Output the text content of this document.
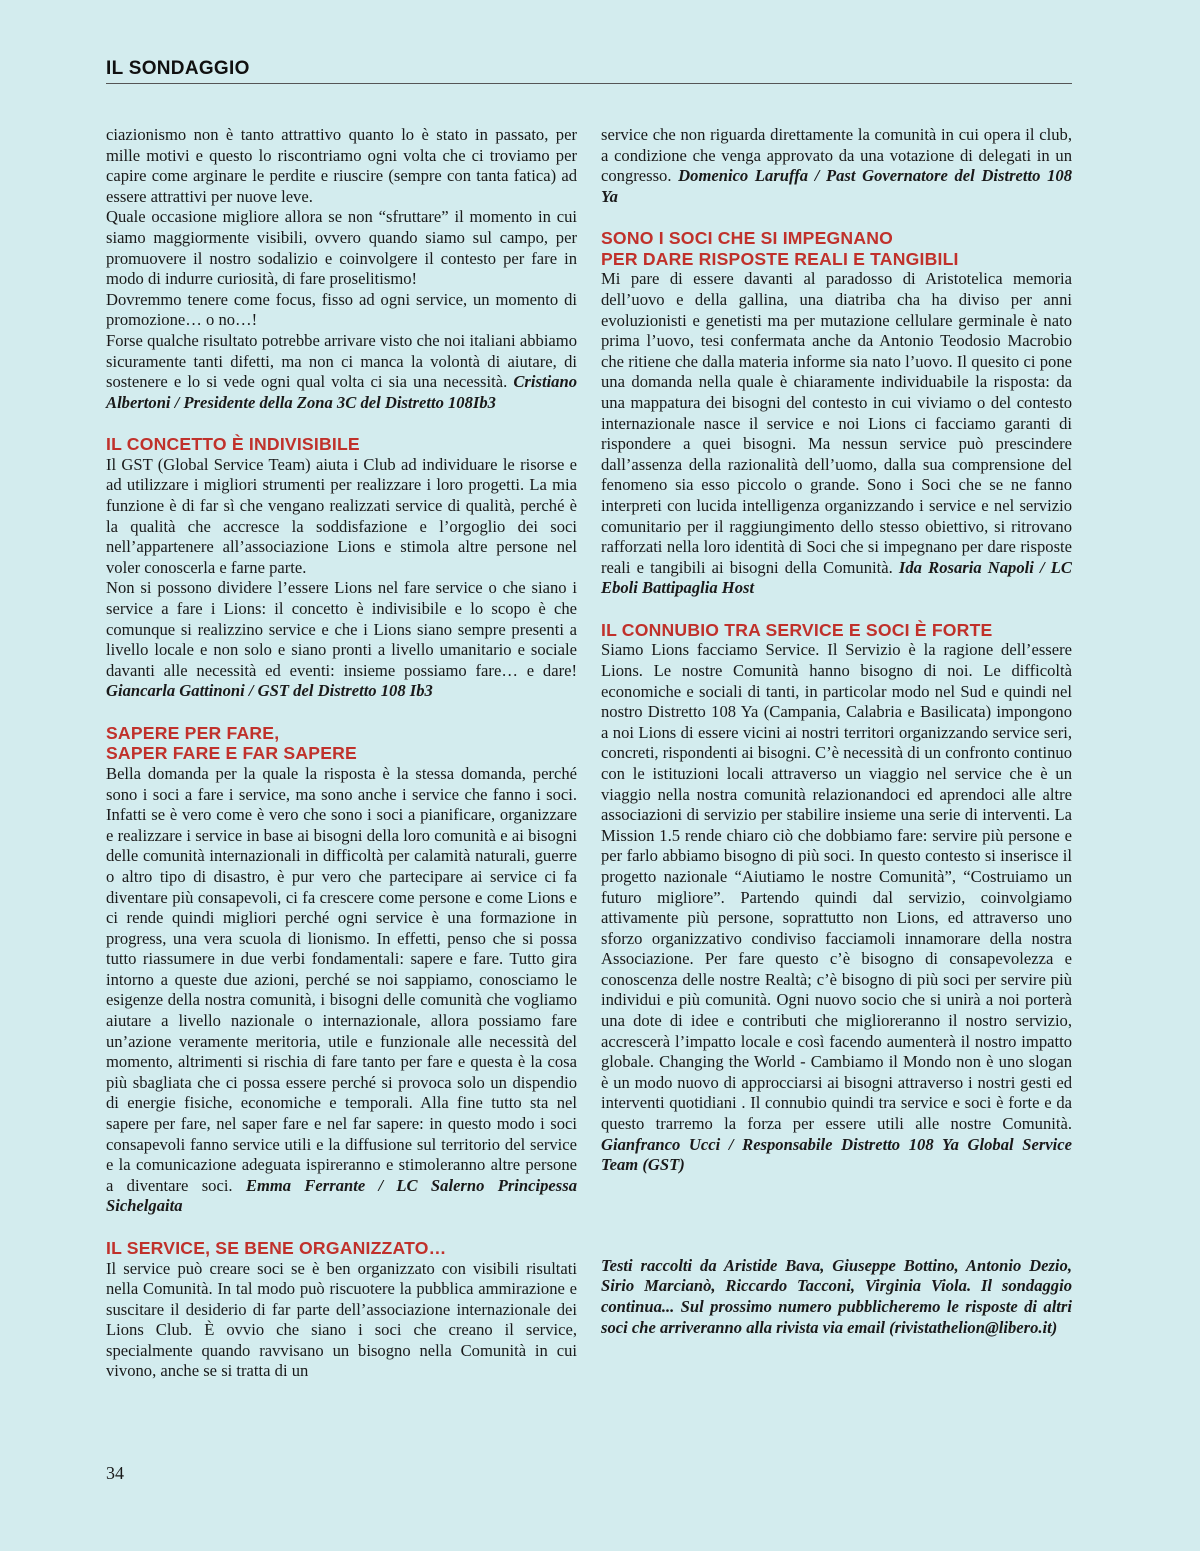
IL SONDAGGIO

ciazionismo non è tanto attrattivo quanto lo è stato in passato, per mille motivi e questo lo riscontriamo ogni volta che ci troviamo per capire come arginare le perdite e riuscire (sempre con tanta fatica) ad essere attrattivi per nuove leve.

Quale occasione migliore allora se non “sfruttare” il momento in cui siamo maggiormente visibili, ovvero quando siamo sul campo, per promuovere il nostro sodalizio e coinvolgere il contesto per fare in modo di indurre curiosità, di fare proselitismo!

Dovremmo tenere come focus, fisso ad ogni service, un momento di promozione… o no…!

Forse qualche risultato potrebbe arrivare visto che noi italiani abbiamo sicuramente tanti difetti, ma non ci manca la volontà di aiutare, di sostenere e lo si vede ogni qual volta ci sia una necessità. Cristiano Albertoni / Presidente della Zona 3C del Distretto 108Ib3

IL CONCETTO È INDIVISIBILE

Il GST (Global Service Team) aiuta i Club ad individuare le risorse e ad utilizzare i migliori strumenti per realizzare i loro progetti. La mia funzione è di far sì che vengano realizzati service di qualità, perché è la qualità che accresce la soddisfazione e l’orgoglio dei soci nell’appartenere all’associazione Lions e stimola altre persone nel voler conoscerla e farne parte.

Non si possono dividere l’essere Lions nel fare service o che siano i service a fare i Lions: il concetto è indivisibile e lo scopo è che comunque si realizzino service e che i Lions siano sempre presenti a livello locale e non solo e siano pronti a livello umanitario e sociale davanti alle necessità ed eventi: insieme possiamo fare… e dare! Giancarla Gattinoni / GST del Distretto 108 Ib3

SAPERE PER FARE,
SAPER FARE E FAR SAPERE

Bella domanda per la quale la risposta è la stessa domanda, perché sono i soci a fare i service, ma sono anche i service che fanno i soci. Infatti se è vero come è vero che sono i soci a pianificare, organizzare e realizzare i service in base ai bisogni della loro comunità e ai bisogni delle comunità internazionali in difficoltà per calamità naturali, guerre o altro tipo di disastro, è pur vero che partecipare ai service ci fa diventare più consapevoli, ci fa crescere come persone e come Lions e ci rende quindi migliori perché ogni service è una formazione in progress, una vera scuola di lionismo. In effetti, penso che si possa tutto riassumere in due verbi fondamentali: sapere e fare. Tutto gira intorno a queste due azioni, perché se noi sappiamo, conosciamo le esigenze della nostra comunità, i bisogni delle comunità che vogliamo aiutare a livello nazionale o internazionale, allora possiamo fare un’azione veramente meritoria, utile e funzionale alle necessità del momento, altrimenti si rischia di fare tanto per fare e questa è la cosa più sbagliata che ci possa essere perché si provoca solo un dispendio di energie fisiche, economiche e temporali. Alla fine tutto sta nel sapere per fare, nel saper fare e nel far sapere: in questo modo i soci consapevoli fanno service utili e la diffusione sul territorio del service e la comunicazione adeguata ispireranno e stimoleranno altre persone a diventare soci. Emma Ferrante / LC Salerno Principessa Sichelgaita

IL SERVICE, SE BENE ORGANIZZATO…

Il service può creare soci se è ben organizzato con visibili risultati nella Comunità. In tal modo può riscuotere la pubblica ammirazione e suscitare il desiderio di far parte dell’associazione internazionale dei Lions Club. È ovvio che siano i soci che creano il service, specialmente quando ravvisano un bisogno nella Comunità in cui vivono, anche se si tratta di un

service che non riguarda direttamente la comunità in cui opera il club, a condizione che venga approvato da una votazione di delegati in un congresso. Domenico Laruffa / Past Governatore del Distretto 108 Ya

SONO I SOCI CHE SI IMPEGNANO
PER DARE RISPOSTE REALI E TANGIBILI

Mi pare di essere davanti al paradosso di Aristotelica memoria dell’uovo e della gallina, una diatriba cha ha diviso per anni evoluzionisti e genetisti ma per mutazione cellulare germinale è nato prima l’uovo, tesi confermata anche da Antonio Teodosio Macrobio che ritiene che dalla materia informe sia nato l’uovo. Il quesito ci pone una domanda nella quale è chiaramente individuabile la risposta: da una mappatura dei bisogni del contesto in cui viviamo o del contesto internazionale nasce il service e noi Lions ci facciamo garanti di rispondere a quei bisogni. Ma nessun service può prescindere dall’assenza della razionalità dell’uomo, dalla sua comprensione del fenomeno sia esso piccolo o grande. Sono i Soci che se ne fanno interpreti con lucida intelligenza organizzando i service e nel servizio comunitario per il raggiungimento dello stesso obiettivo, si ritrovano rafforzati nella loro identità di Soci che si impegnano per dare risposte reali e tangibili ai bisogni della Comunità. Ida Rosaria Napoli / LC Eboli Battipaglia Host

IL CONNUBIO TRA SERVICE E SOCI È FORTE

Siamo Lions facciamo Service. Il Servizio è la ragione dell’essere Lions. Le nostre Comunità hanno bisogno di noi. Le difficoltà economiche e sociali di tanti, in particolar modo nel Sud e quindi nel nostro Distretto 108 Ya (Campania, Calabria e Basilicata) impongono a noi Lions di essere vicini ai nostri territori organizzando service seri, concreti, rispondenti ai bisogni. C’è necessità di un confronto continuo con le istituzioni locali attraverso un viaggio nel service che è un viaggio nella nostra comunità relazionandoci ed aprendoci alle altre associazioni di servizio per stabilire insieme una serie di interventi. La Mission 1.5 rende chiaro ciò che dobbiamo fare: servire più persone e per farlo abbiamo bisogno di più soci. In questo contesto si inserisce il progetto nazionale “Aiutiamo le nostre Comunità”, “Costruiamo un futuro migliore”. Partendo quindi dal servizio, coinvolgiamo attivamente più persone, soprattutto non Lions, ed attraverso uno sforzo organizzativo condiviso facciamoli innamorare della nostra Associazione. Per fare questo c’è bisogno di consapevolezza e conoscenza delle nostre Realtà; c’è bisogno di più soci per servire più individui e più comunità. Ogni nuovo socio che si unirà a noi porterà una dote di idee e contributi che miglioreranno il nostro servizio, accrescerà l’impatto locale e così facendo aumenterà il nostro impatto globale. Changing the World - Cambiamo il Mondo non è uno slogan è un modo nuovo di approcciarsi ai bisogni attraverso i nostri gesti ed interventi quotidiani . Il connubio quindi tra service e soci è forte e da questo trarremo la forza per essere utili alle nostre Comunità. Gianfranco Ucci / Responsabile Distretto 108 Ya Global Service Team (GST)

Testi raccolti da Aristide Bava, Giuseppe Bottino, Antonio Dezio, Sirio Marcianò, Riccardo Tacconi, Virginia Viola. Il sondaggio continua... Sul prossimo numero pubblicheremo le risposte di altri soci che arriveranno alla rivista via email (rivistathelion@libero.it)

34
